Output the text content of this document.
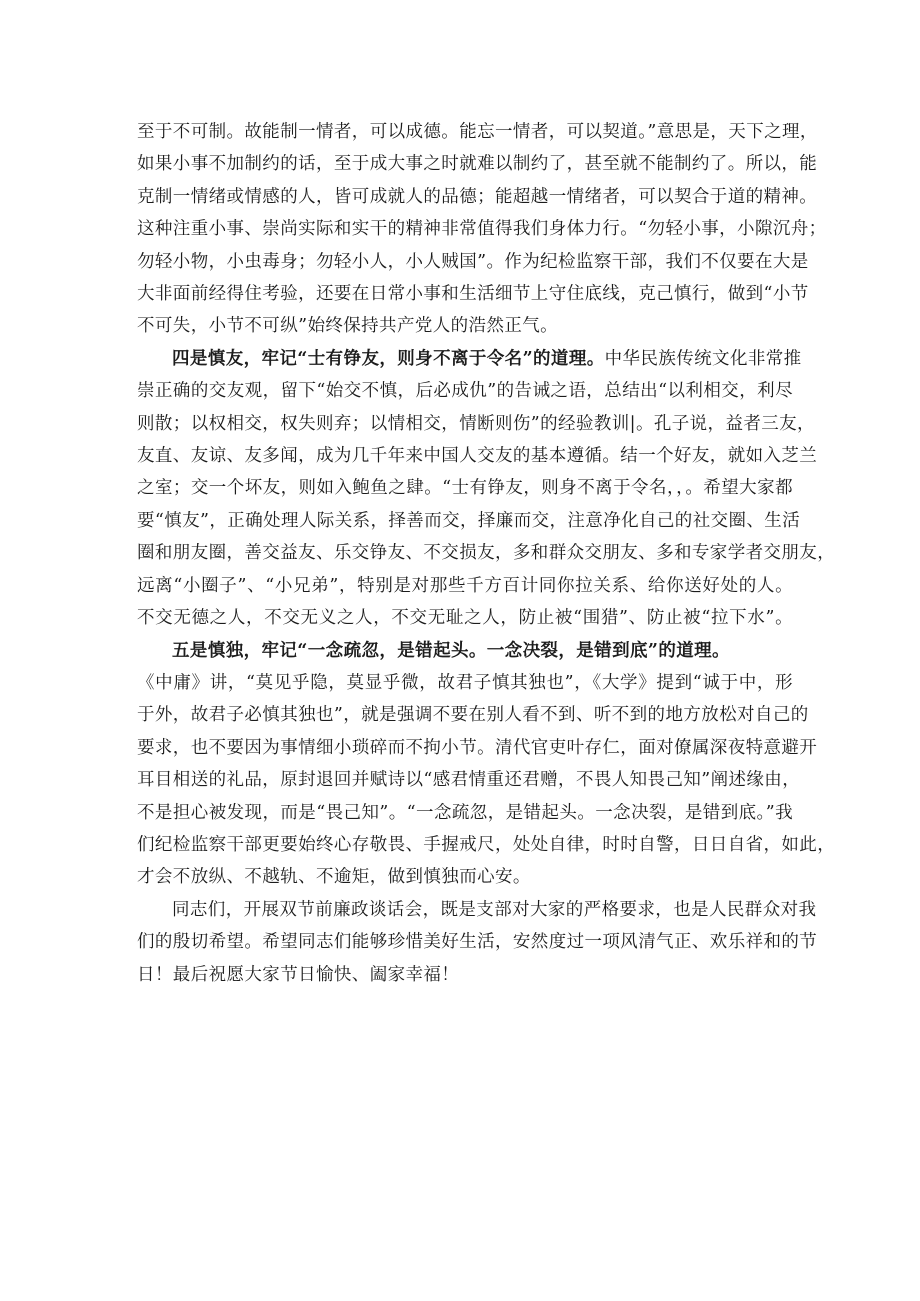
至于不可制。故能制一情者，可以成德。能忘一情者，可以契道。”意思是，天下之理，
如果小事不加制约的话，至于成大事之时就难以制约了，甚至就不能制约了。所以，能
克制一情绪或情感的人，皆可成就人的品德；能超越一情绪者，可以契合于道的精神。
这种注重小事、崇尚实际和实干的精神非常值得我们身体力行。“勿轻小事，小隙沉舟；
勿轻小物，小虫毒身；勿轻小人，小人贼国”。作为纪检监察干部，我们不仅要在大是
大非面前经得住考验，还要在日常小事和生活细节上守住底线，克己慎行，做到“小节
不可失，小节不可纵”始终保持共产党人的浩然正气。
四是慎友，牢记“士有铮友，则身不离于令名”的道理。中华民族传统文化非常推
崇正确的交友观，留下“始交不慎，后必成仇”的告诫之语，总结出“以利相交，利尽
则散；以权相交，权失则弃；以情相交，情断则伤”的经验教训|。孔子说，益者三友，
友直、友谅、友多闻，成为几千年来中国人交友的基本遵循。结一个好友，就如入芝兰
之室；交一个坏友，则如入鲍鱼之肆。“士有铮友，则身不离于令名，，。希望大家都
要“慎友”，正确处理人际关系，择善而交，择廉而交，注意净化自己的社交圈、生活
圈和朋友圈，善交益友、乐交铮友、不交损友，多和群众交朋友、多和专家学者交朋友，
远离“小圈子”、“小兄弟”，特别是对那些千方百计同你拉关系、给你送好处的人。
不交无德之人，不交无义之人，不交无耻之人，防止被“围猎”、防止被“拉下水”。
五是慎独，牢记“一念疏忽，是错起头。一念决裂，是错到底”的道理。
《中庸》讲，“莫见乎隐，莫显乎微，故君子慎其独也”，《大学》提到“诚于中，形
于外，故君子必慎其独也”，就是强调不要在别人看不到、听不到的地方放松对自己的
要求，也不要因为事情细小琐碎而不拘小节。清代官吏叶存仁，面对僚属深夜特意避开
耳目相送的礼品，原封退回并赋诗以“感君情重还君赠，不畏人知畏己知”阐述缘由，
不是担心被发现，而是“畏己知”。“一念疏忽，是错起头。一念决裂，是错到底。”我
们纪检监察干部更要始终心存敬畏、手握戒尺，处处自律，时时自警，日日自省，如此，
才会不放纵、不越轨、不逾矩，做到慎独而心安。
同志们，开展双节前廉政谈话会，既是支部对大家的严格要求，也是人民群众对我
们的殷切希望。希望同志们能够珍惜美好生活，安然度过一项风清气正、欢乐祥和的节
日！最后祝愿大家节日愉快、阖家幸福！
